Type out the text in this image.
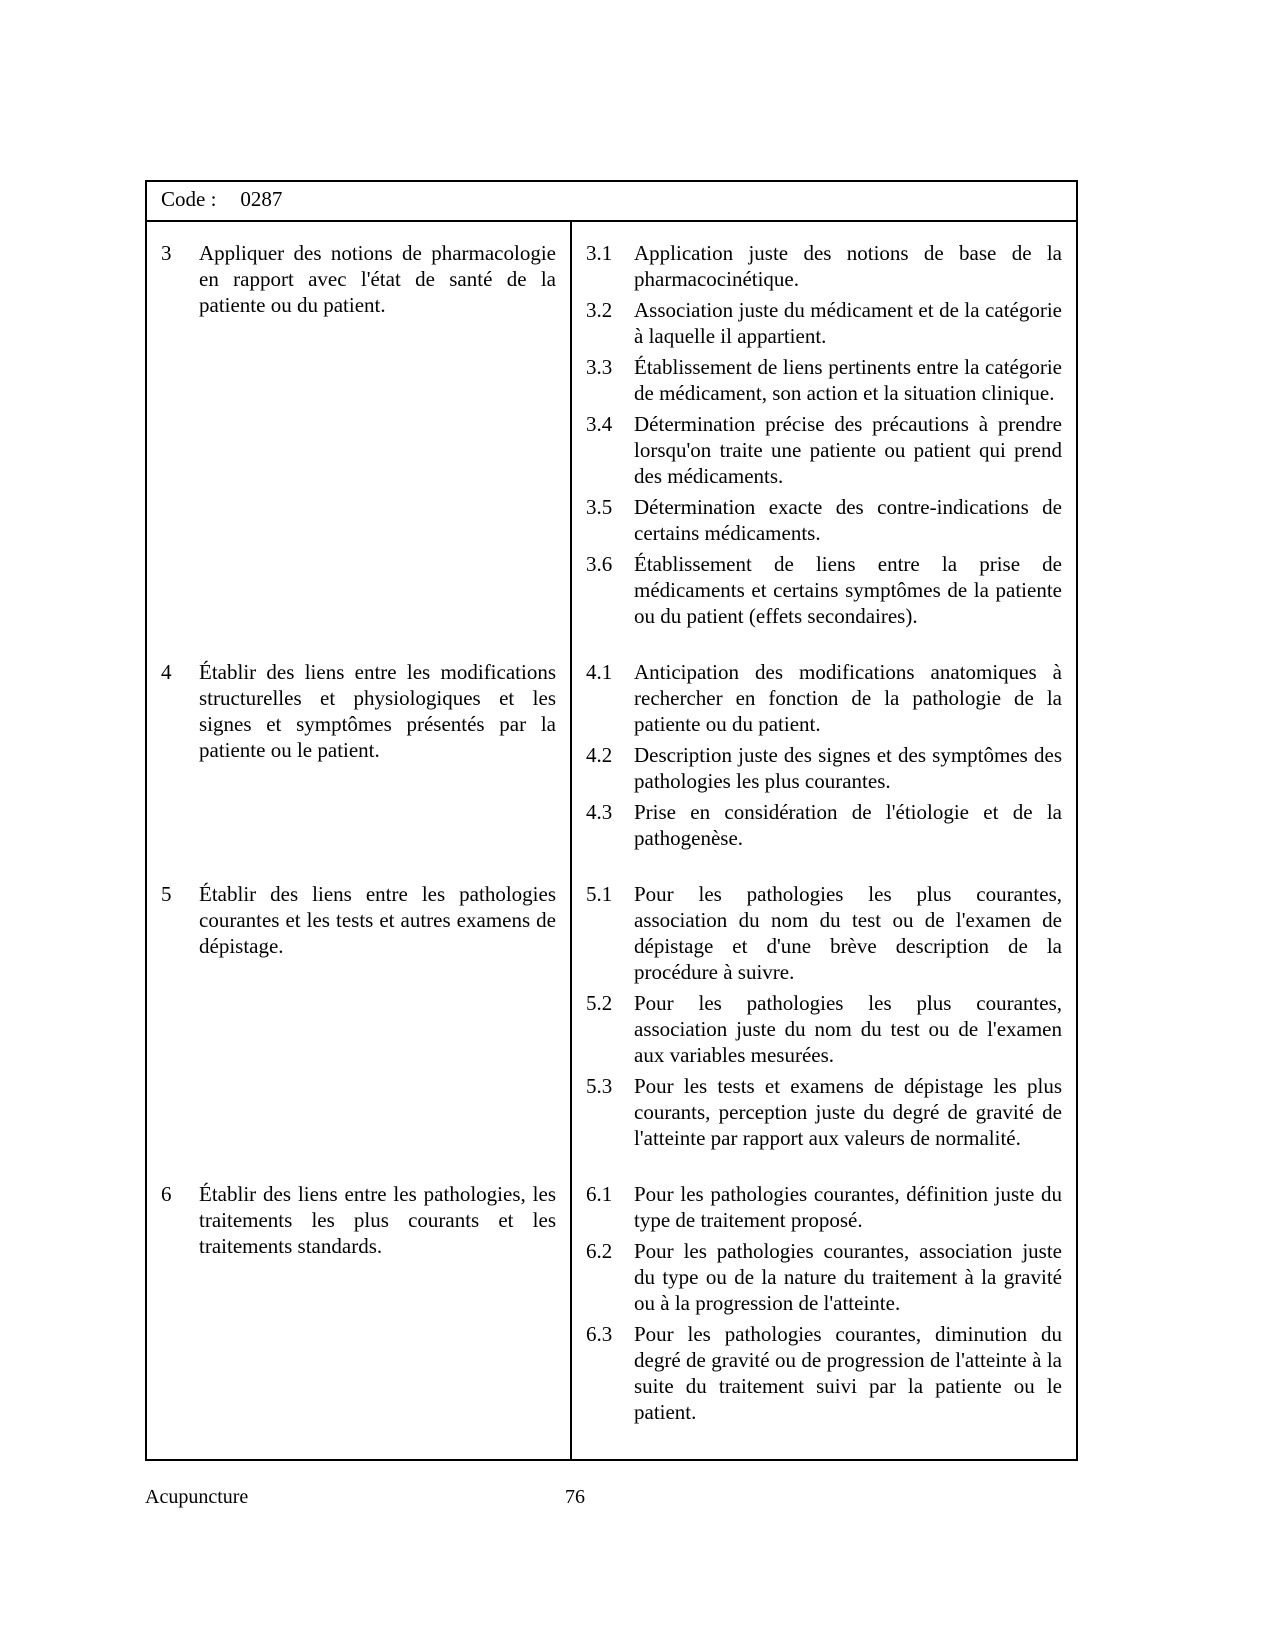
Code : 0287
3	Appliquer des notions de pharmacologie en rapport avec l'état de santé de la patiente ou du patient.
3.1	Application juste des notions de base de la pharmacocinétique.
3.2	Association juste du médicament et de la catégorie à laquelle il appartient.
3.3	Établissement de liens pertinents entre la catégorie de médicament, son action et la situation clinique.
3.4	Détermination précise des précautions à prendre lorsqu'on traite une patiente ou patient qui prend des médicaments.
3.5	Détermination exacte des contre-indications de certains médicaments.
3.6	Établissement de liens entre la prise de médicaments et certains symptômes de la patiente ou du patient (effets secondaires).
4	Établir des liens entre les modifications structurelles et physiologiques et les signes et symptômes présentés par la patiente ou le patient.
4.1	Anticipation des modifications anatomiques à rechercher en fonction de la pathologie de la patiente ou du patient.
4.2	Description juste des signes et des symptômes des pathologies les plus courantes.
4.3	Prise en considération de l'étiologie et de la pathogenèse.
5	Établir des liens entre les pathologies courantes et les tests et autres examens de dépistage.
5.1	Pour les pathologies les plus courantes, association du nom du test ou de l'examen de dépistage et d'une brève description de la procédure à suivre.
5.2	Pour les pathologies les plus courantes, association juste du nom du test ou de l'examen aux variables mesurées.
5.3	Pour les tests et examens de dépistage les plus courants, perception juste du degré de gravité de l'atteinte par rapport aux valeurs de normalité.
6	Établir des liens entre les pathologies, les traitements les plus courants et les traitements standards.
6.1	Pour les pathologies courantes, définition juste du type de traitement proposé.
6.2	Pour les pathologies courantes, association juste du type ou de la nature du traitement à la gravité ou à la progression de l'atteinte.
6.3	Pour les pathologies courantes, diminution du degré de gravité ou de progression de l'atteinte à la suite du traitement suivi par la patiente ou le patient.
Acupuncture	76
